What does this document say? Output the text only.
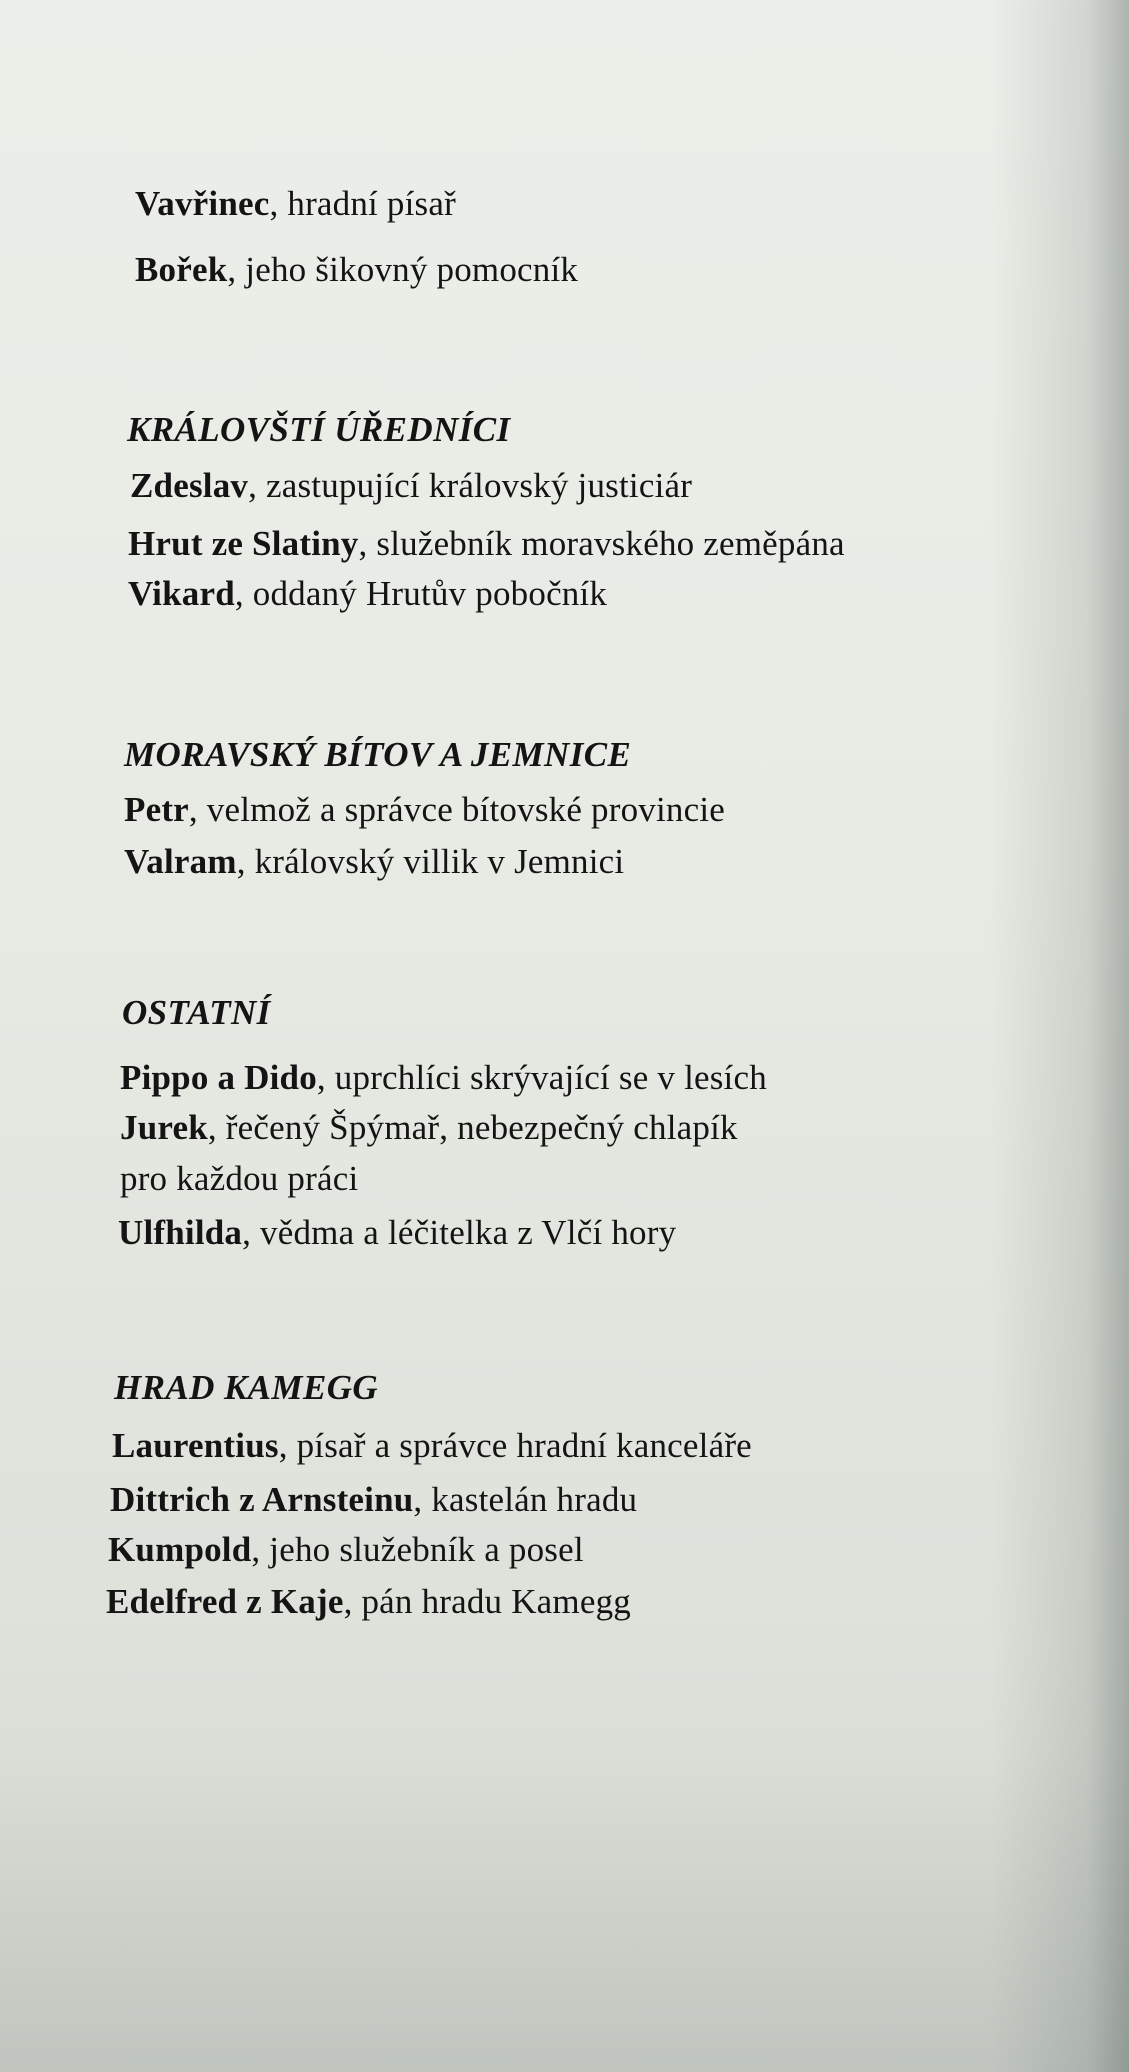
Vavřinec, hradní písař
Bořek, jeho šikovný pomocník
KRÁLOVŠTÍ ÚŘEDNÍCI
Zdeslav, zastupující královský justiciár
Hrut ze Slatiny, služebník moravského zeměpána
Vikard, oddaný Hrutův pobočník
MORAVSKÝ BÍTOV A JEMNICE
Petr, velmož a správce bítovské provincie
Valram, královský villik v Jemnici
OSTATNÍ
Pippo a Dido, uprchlíci skrývající se v lesích
Jurek, řečený Špýmař, nebezpečný chlapík
pro každou práci
Ulfhilda, vědma a léčitelka z Vlčí hory
HRAD KAMEGG
Laurentius, písař a správce hradní kanceláře
Dittrich z Arnsteinu, kastelán hradu
Kumpold, jeho služebník a posel
Edelfred z Kaje, pán hradu Kamegg
